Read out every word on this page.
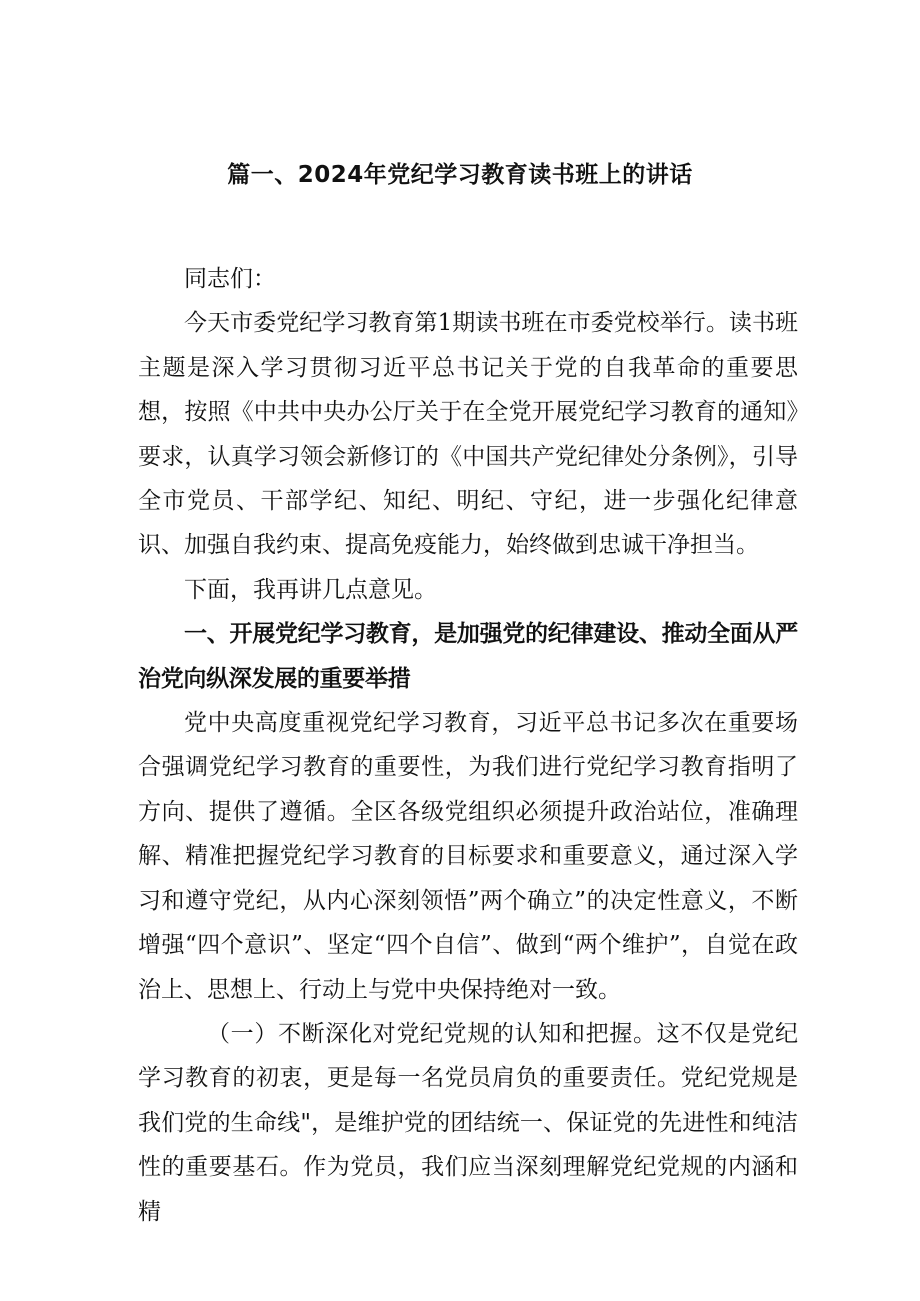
篇一、2024年党纪学习教育读书班上的讲话

同志们：

今天市委党纪学习教育第1期读书班在市委党校举行。读书班主题是深入学习贯彻习近平总书记关于党的自我革命的重要思想，按照《中共中央办公厅关于在全党开展党纪学习教育的通知》要求，认真学习领会新修订的《中国共产党纪律处分条例》，引导全市党员、干部学纪、知纪、明纪、守纪，进一步强化纪律意识、加强自我约束、提高免疫能力，始终做到忠诚干净担当。

下面，我再讲几点意见。

一、开展党纪学习教育，是加强党的纪律建设、推动全面从严治党向纵深发展的重要举措

党中央高度重视党纪学习教育，习近平总书记多次在重要场合强调党纪学习教育的重要性，为我们进行党纪学习教育指明了方向、提供了遵循。全区各级党组织必须提升政治站位，准确理解、精准把握党纪学习教育的目标要求和重要意义，通过深入学习和遵守党纪，从内心深刻领悟”两个确立”的决定性意义，不断增强“四个意识”、坚定“四个自信”、做到“两个维护”，自觉在政治上、思想上、行动上与党中央保持绝对一致。

（一）不断深化对党纪党规的认知和把握。这不仅是党纪学习教育的初衷，更是每一名党员肩负的重要责任。党纪党规是我们党的生命线"，是维护党的团结统一、保证党的先进性和纯洁性的重要基石。作为党员，我们应当深刻理解党纪党规的内涵和精
